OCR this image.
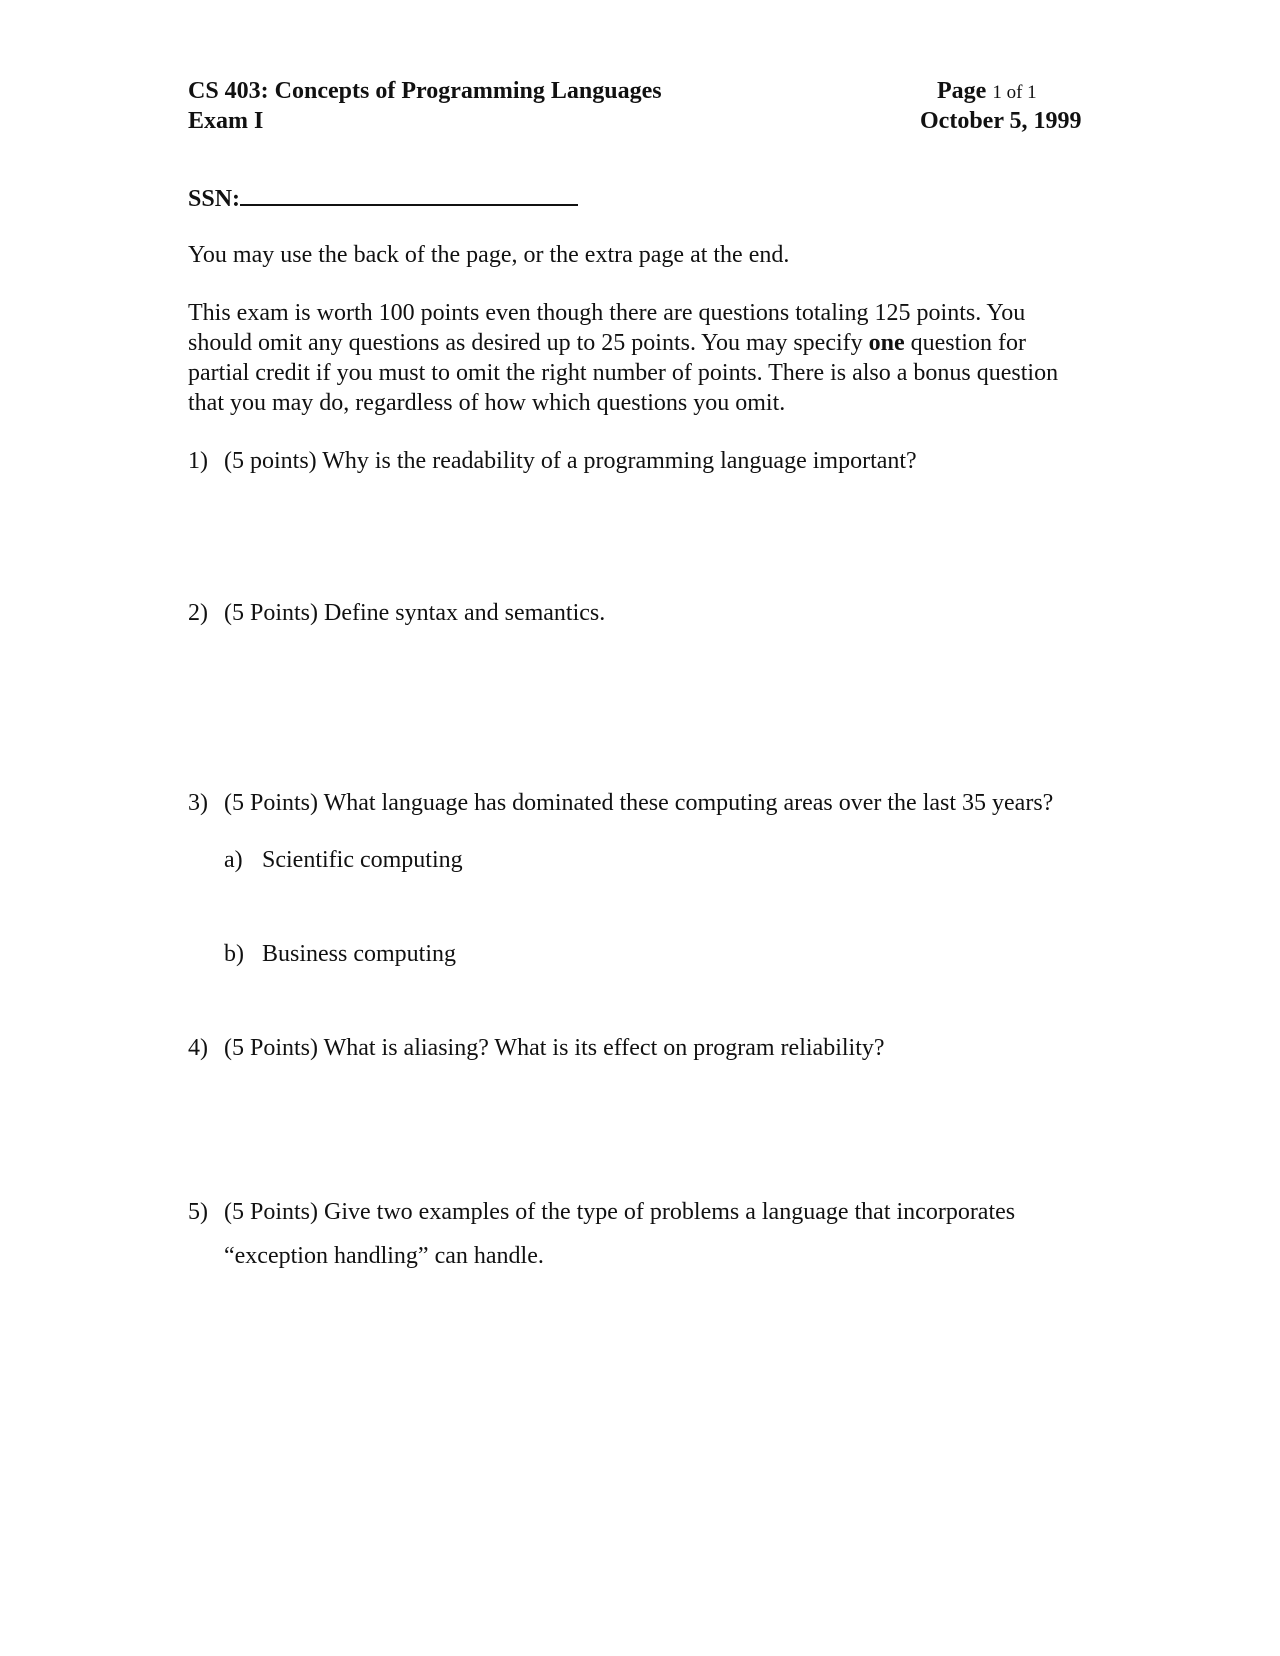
CS 403: Concepts of Programming Languages
Exam I
Page 1 of 1
October 5, 1999
SSN:
You may use the back of the page, or the extra page at the end.
This exam is worth 100 points even though there are questions totaling 125 points. You should omit any questions as desired up to 25 points. You may specify one question for partial credit if you must to omit the right number of points. There is also a bonus question that you may do, regardless of how which questions you omit.
1) (5 points) Why is the readability of a programming language important?
2) (5 Points) Define syntax and semantics.
3) (5 Points) What language has dominated these computing areas over the last 35 years?
a) Scientific computing
b) Business computing
4) (5 Points) What is aliasing? What is its effect on program reliability?
5) (5 Points) Give two examples of the type of problems a language that incorporates
“exception handling” can handle.
